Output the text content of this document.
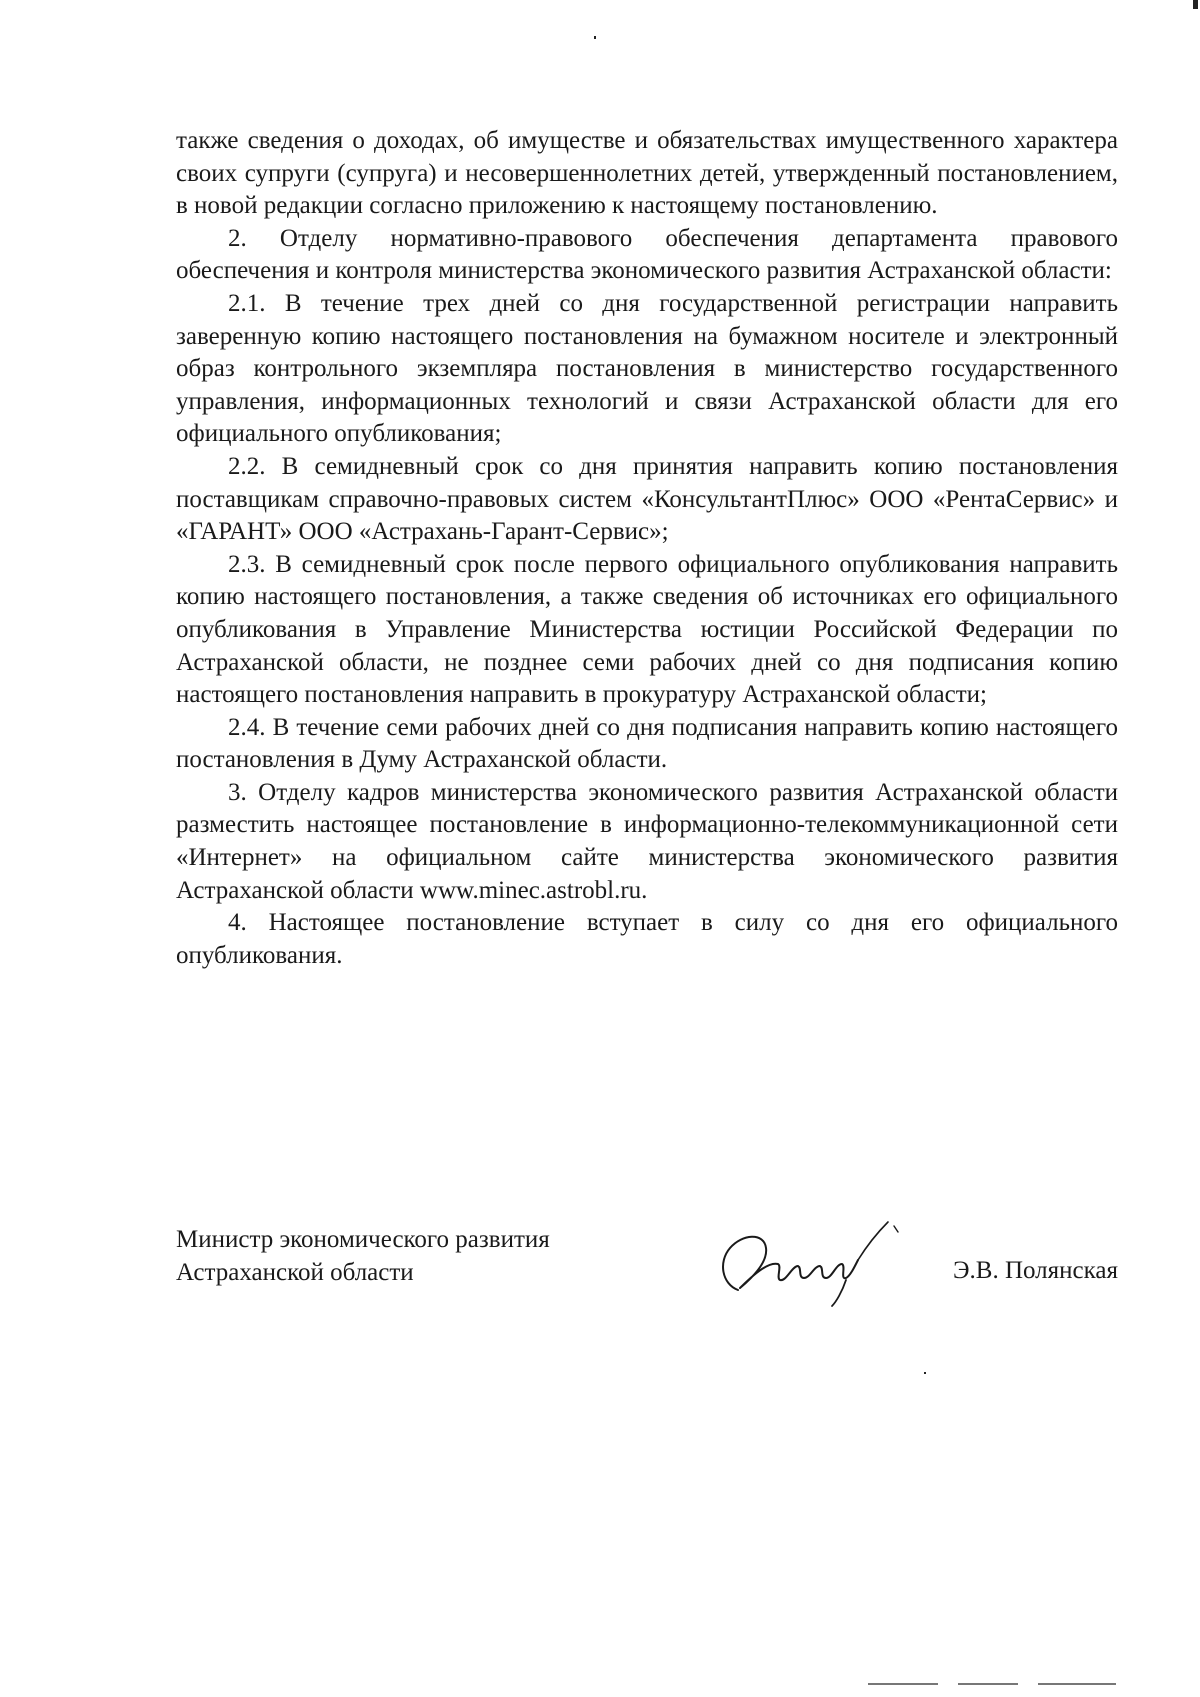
также сведения о доходах, об имуществе и обязательствах имущественного характера своих супруги (супруга) и несовершеннолетних детей, утвержденный постановлением, в новой редакции согласно приложению к настоящему постановлению.

2. Отделу нормативно-правового обеспечения департамента правового обеспечения и контроля министерства экономического развития Астраханской области:

2.1. В течение трех дней со дня государственной регистрации направить заверенную копию настоящего постановления на бумажном носителе и электронный образ контрольного экземпляра постановления в министерство государственного управления, информационных технологий и связи Астраханской области для его официального опубликования;

2.2. В семидневный срок со дня принятия направить копию постановления поставщикам справочно-правовых систем «КонсультантПлюс» ООО «РентаСервис» и «ГАРАНТ» ООО «Астрахань-Гарант-Сервис»;

2.3. В семидневный срок после первого официального опубликования направить копию настоящего постановления, а также сведения об источниках его официального опубликования в Управление Министерства юстиции Российской Федерации по Астраханской области, не позднее семи рабочих дней со дня подписания копию настоящего постановления направить в прокуратуру Астраханской области;

2.4. В течение семи рабочих дней со дня подписания направить копию настоящего постановления в Думу Астраханской области.

3. Отделу кадров министерства экономического развития Астраханской области разместить настоящее постановление в информационно-телекоммуникационной сети «Интернет» на официальном сайте министерства экономического развития Астраханской области www.minec.astrobl.ru.

4. Настоящее постановление вступает в силу со дня его официального опубликования.

Министр экономического развития
Астраханской области	Э.В. Полянская
